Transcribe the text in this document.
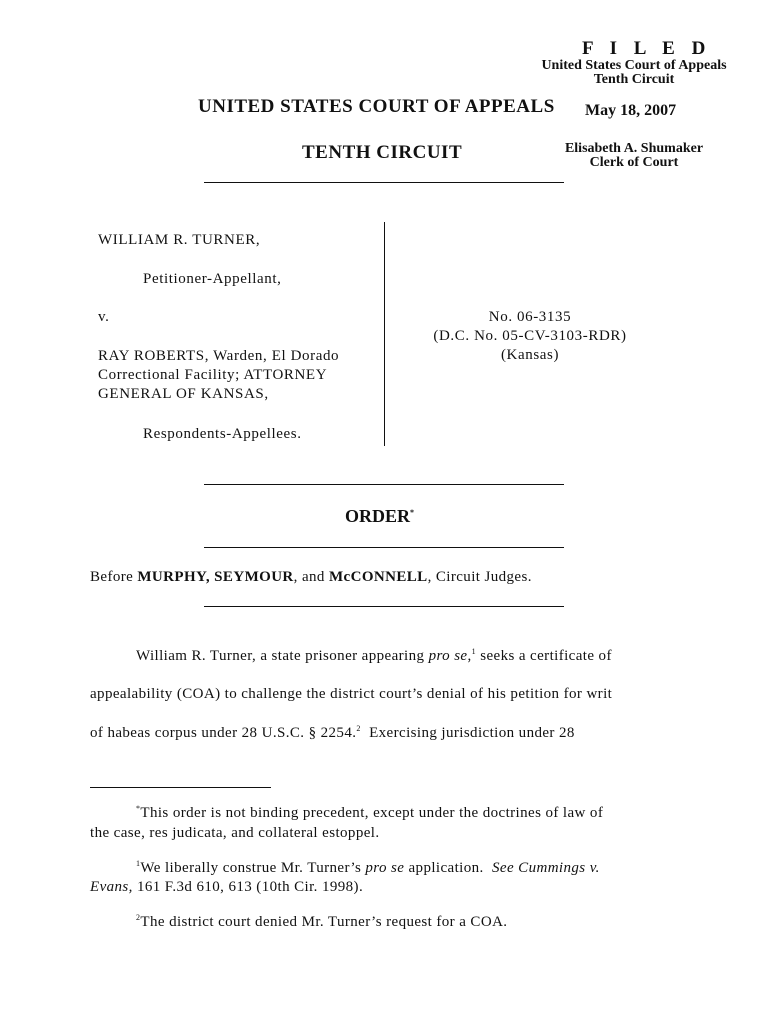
F I L E D
United States Court of Appeals
Tenth Circuit
May 18, 2007
Elisabeth A. Shumaker
Clerk of Court
UNITED STATES COURT OF APPEALS
TENTH CIRCUIT
WILLIAM R. TURNER,
Petitioner-Appellant,
v.
RAY ROBERTS, Warden, El Dorado
Correctional Facility; ATTORNEY
GENERAL OF KANSAS,
Respondents-Appellees.
No. 06-3135
(D.C. No. 05-CV-3103-RDR)
(Kansas)
ORDER*
Before MURPHY, SEYMOUR, and McCONNELL, Circuit Judges.
William R. Turner, a state prisoner appearing pro se,$^1$ seeks a certificate of
appealability (COA) to challenge the district court’s denial of his petition for writ
of habeas corpus under 28 U.S.C. § 2254.$^2$  Exercising jurisdiction under 28
*This order is not binding precedent, except under the doctrines of law of
the case, res judicata, and collateral estoppel.
$^1$We liberally construe Mr. Turner’s pro se application.  See Cummings v.
Evans, 161 F.3d 610, 613 (10th Cir. 1998).
$^2$The district court denied Mr. Turner’s request for a COA.
